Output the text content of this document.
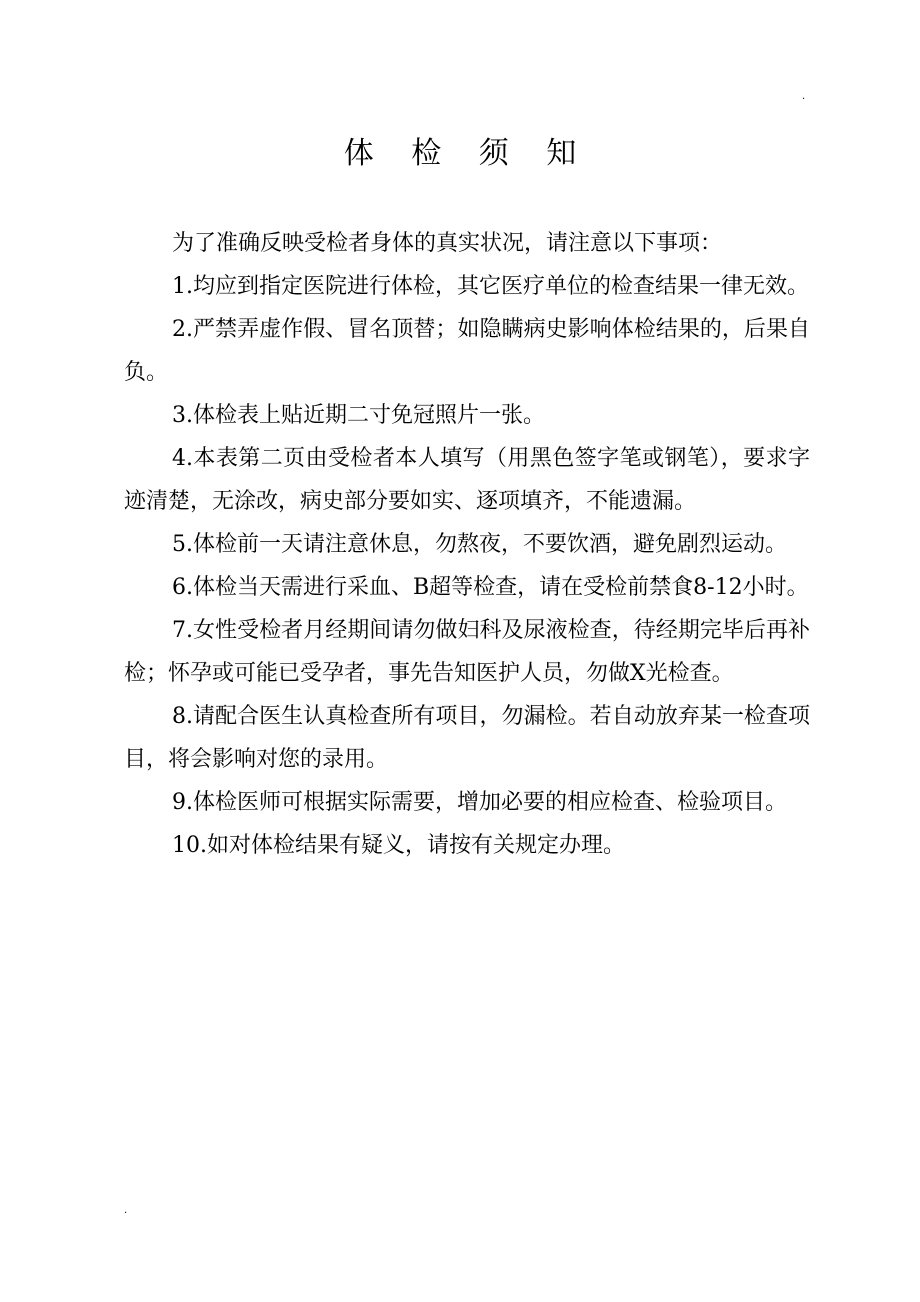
.
体 检 须 知

为了准确反映受检者身体的真实状况，请注意以下事项：

1.均应到指定医院进行体检，其它医疗单位的检查结果一律无效。

2.严禁弄虚作假、冒名顶替；如隐瞒病史影响体检结果的，后果自负。

3.体检表上贴近期二寸免冠照片一张。

4.本表第二页由受检者本人填写（用黑色签字笔或钢笔），要求字迹清楚，无涂改，病史部分要如实、逐项填齐，不能遗漏。

5.体检前一天请注意休息，勿熬夜，不要饮酒，避免剧烈运动。

6.体检当天需进行采血、B超等检查，请在受检前禁食8-12小时。

7.女性受检者月经期间请勿做妇科及尿液检查，待经期完毕后再补检；怀孕或可能已受孕者，事先告知医护人员，勿做X光检查。

8.请配合医生认真检查所有项目，勿漏检。若自动放弃某一检查项目，将会影响对您的录用。

9.体检医师可根据实际需要，增加必要的相应检查、检验项目。

10.如对体检结果有疑义，请按有关规定办理。

.
